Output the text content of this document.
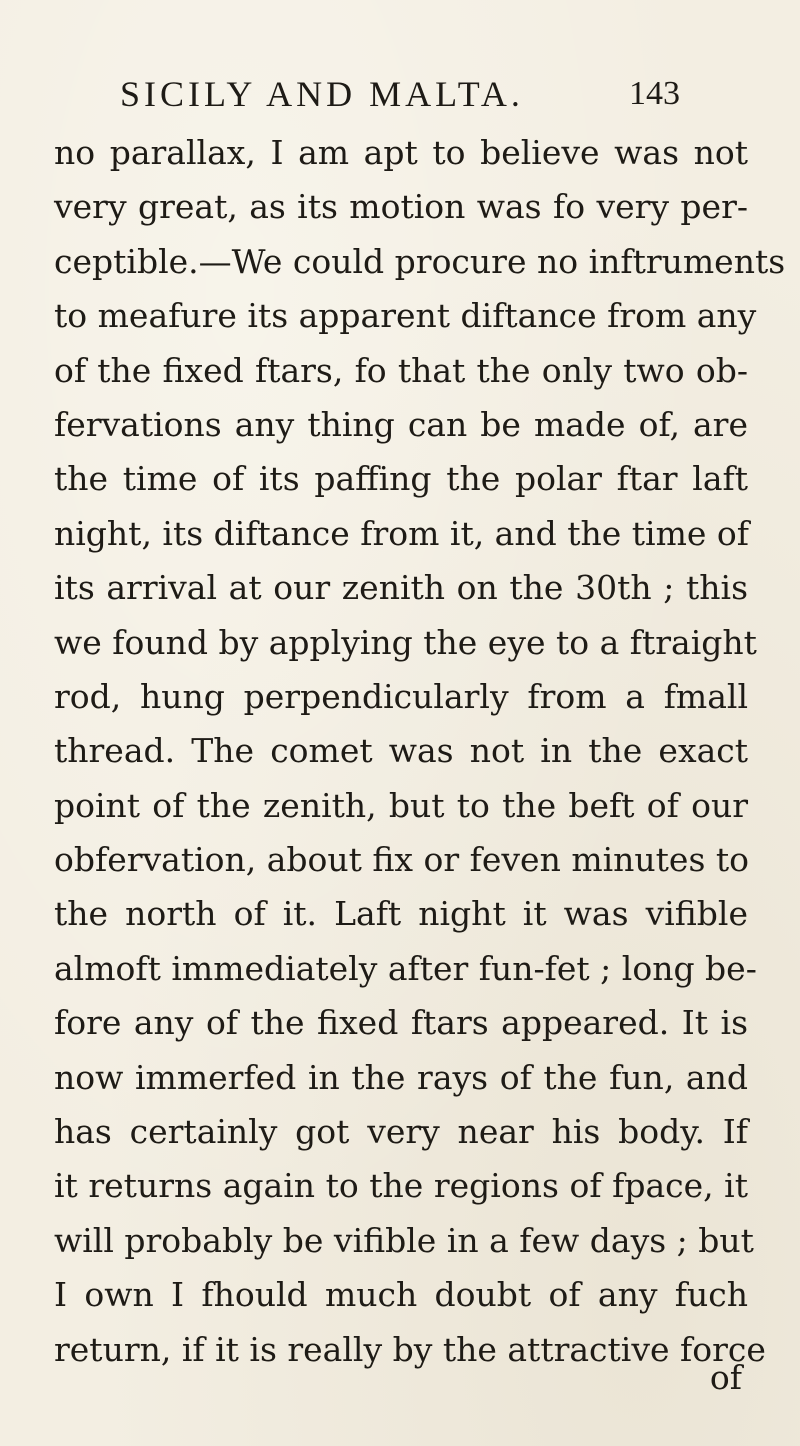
SICILY AND MALTA.	143
no parallax, I am apt to believe was not
very great, as its motion was fo very per-
ceptible.—We could procure no inftruments
to meafure its apparent diftance from any
of the fixed ftars, fo that the only two ob-
fervations any thing can be made of, are
the time of its paffing the polar ftar laft
night, its diftance from it, and the time of
its arrival at our zenith on the 30th ; this
we found by applying the eye to a ftraight
rod, hung perpendicularly from a fmall
thread. The comet was not in the exact
point of the zenith, but to the beft of our
obfervation, about fix or feven minutes to
the north of it. Laft night it was vifible
almoft immediately after fun-fet ; long be-
fore any of the fixed ftars appeared. It is
now immerfed in the rays of the fun, and
has certainly got very near his body. If
it returns again to the regions of fpace, it
will probably be vifible in a few days ; but
I own I fhould much doubt of any fuch
return, if it is really by the attractive force
of
